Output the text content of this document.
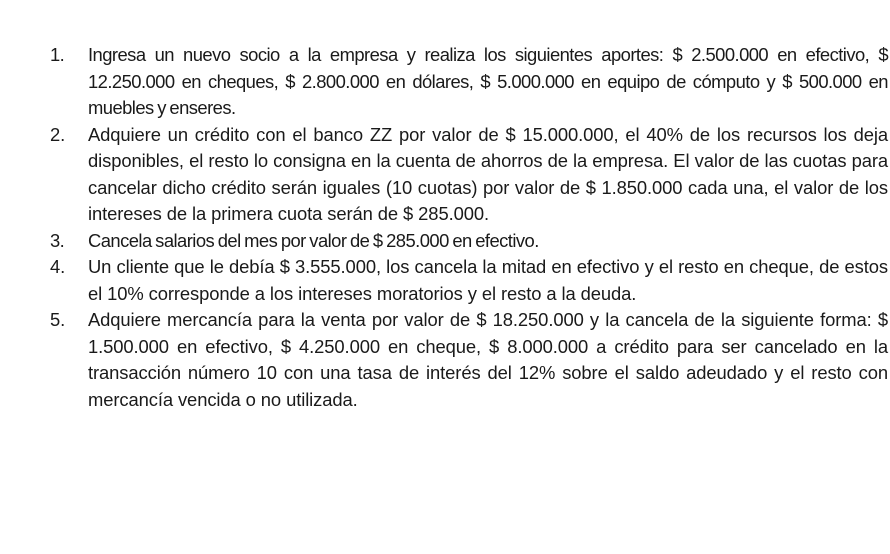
1.	Ingresa un nuevo socio a la empresa y realiza los siguientes aportes: $ 2.500.000 en efectivo, $ 12.250.000 en cheques, $ 2.800.000 en dólares, $ 5.000.000 en equipo de cómputo y $ 500.000 en muebles y enseres.
2.	Adquiere un crédito con el banco ZZ por valor de $ 15.000.000, el 40% de los recursos los deja disponibles, el resto lo consigna en la cuenta de ahorros de la empresa. El valor de las cuotas para cancelar dicho crédito serán iguales (10 cuotas) por valor de $ 1.850.000 cada una, el valor de los intereses de la primera cuota serán de $ 285.000.
3.	Cancela salarios del mes por valor de $ 285.000 en efectivo.
4.	Un cliente que le debía $ 3.555.000, los cancela la mitad en efectivo y el resto en cheque, de estos el 10% corresponde a los intereses moratorios y el resto a la deuda.
5.	Adquiere mercancía para la venta por valor de $ 18.250.000 y la cancela de la siguiente forma: $ 1.500.000 en efectivo, $ 4.250.000 en cheque, $ 8.000.000 a crédito para ser cancelado en la transacción número 10 con una tasa de interés del 12% sobre el saldo adeudado y el resto con mercancía vencida o no utilizada.
